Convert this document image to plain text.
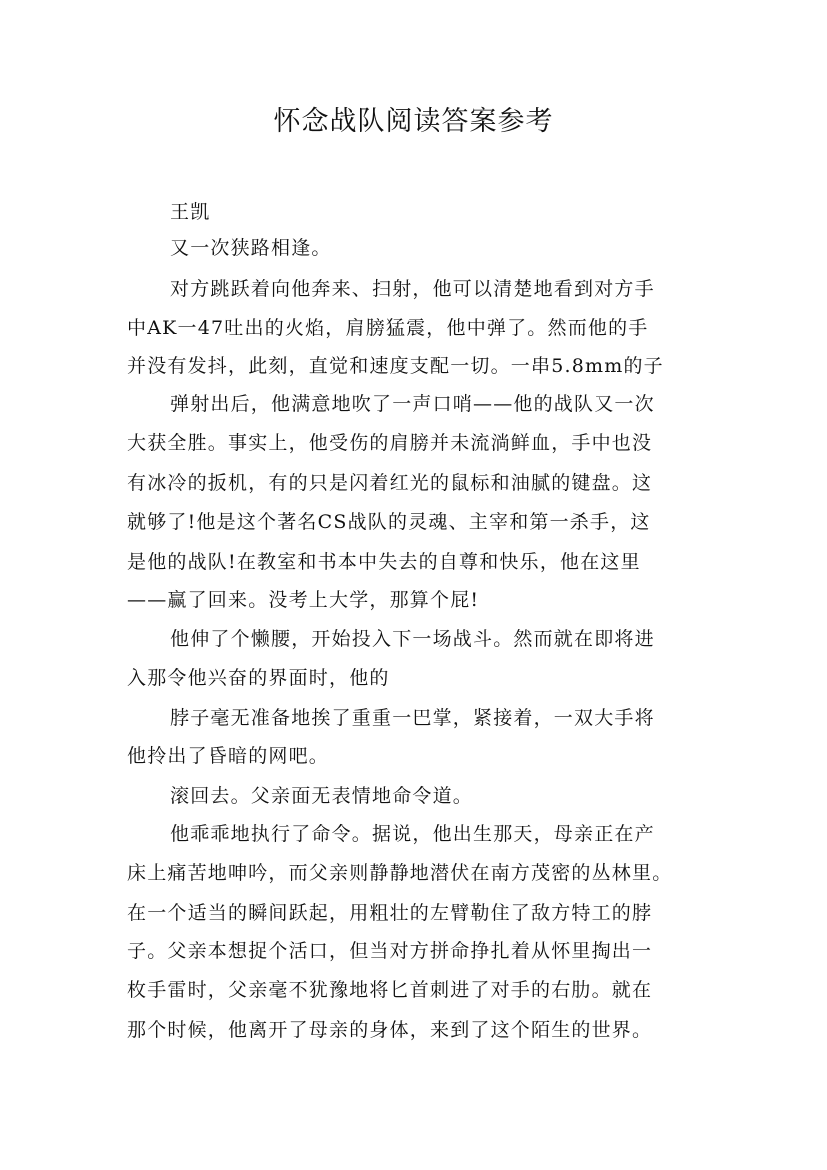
怀念战队阅读答案参考
王凯
又一次狭路相逢。
对方跳跃着向他奔来、扫射，他可以清楚地看到对方手
中AK一47吐出的火焰，肩膀猛震，他中弹了。然而他的手
并没有发抖，此刻，直觉和速度支配一切。一串5.8mm的子
弹射出后，他满意地吹了一声口哨——他的战队又一次
大获全胜。事实上，他受伤的肩膀并未流淌鲜血，手中也没
有冰冷的扳机，有的只是闪着红光的鼠标和油腻的键盘。这
就够了!他是这个著名CS战队的灵魂、主宰和第一杀手，这
是他的战队!在教室和书本中失去的自尊和快乐，他在这里
——赢了回来。没考上大学，那算个屁!
他伸了个懒腰，开始投入下一场战斗。然而就在即将进
入那令他兴奋的界面时，他的
脖子毫无准备地挨了重重一巴掌，紧接着，一双大手将
他拎出了昏暗的网吧。
滚回去。父亲面无表情地命令道。
他乖乖地执行了命令。据说，他出生那天，母亲正在产
床上痛苦地呻吟，而父亲则静静地潜伏在南方茂密的丛林里。
在一个适当的瞬间跃起，用粗壮的左臂勒住了敌方特工的脖
子。父亲本想捉个活口，但当对方拼命挣扎着从怀里掏出一
枚手雷时，父亲毫不犹豫地将匕首刺进了对手的右肋。就在
那个时候，他离开了母亲的身体，来到了这个陌生的世界。
